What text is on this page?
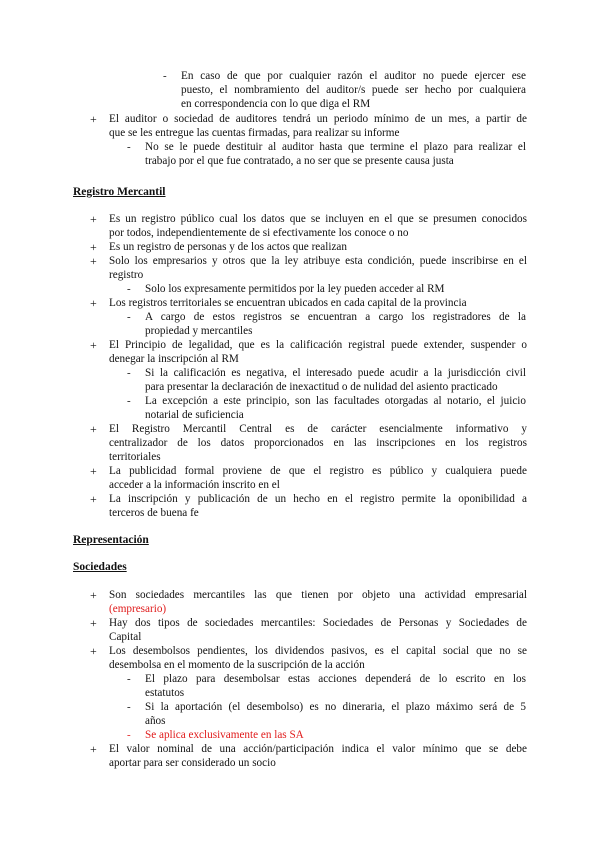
- En caso de que por cualquier razón el auditor no puede ejercer ese
puesto, el nombramiento del auditor/s puede ser hecho por cualquiera
en correspondencia con lo que diga el RM
+ El auditor o sociedad de auditores tendrá un periodo mínimo de un mes, a partir de
que se les entregue las cuentas firmadas, para realizar su informe
- No se le puede destituir al auditor hasta que termine el plazo para realizar el
trabajo por el que fue contratado, a no ser que se presente causa justa
Registro Mercantil
+ Es un registro público cual los datos que se incluyen en el que se presumen conocidos
por todos, independientemente de si efectivamente los conoce o no
+ Es un registro de personas y de los actos que realizan
+ Solo los empresarios y otros que la ley atribuye esta condición, puede inscribirse en el
registro
- Solo los expresamente permitidos por la ley pueden acceder al RM
+ Los registros territoriales se encuentran ubicados en cada capital de la provincia
- A cargo de estos registros se encuentran a cargo los registradores de la
propiedad y mercantiles
+ El Principio de legalidad, que es la calificación registral puede extender, suspender o
denegar la inscripción al RM
- Si la calificación es negativa, el interesado puede acudir a la jurisdicción civil
para presentar la declaración de inexactitud o de nulidad del asiento practicado
- La excepción a este principio, son las facultades otorgadas al notario, el juicio
notarial de suficiencia
+ El Registro Mercantil Central es de carácter esencialmente informativo y
centralizador de los datos proporcionados en las inscripciones en los registros
territoriales
+ La publicidad formal proviene de que el registro es público y cualquiera puede
acceder a la información inscrito en el
+ La inscripción y publicación de un hecho en el registro permite la oponibilidad a
terceros de buena fe
Representación
Sociedades
+ Son sociedades mercantiles las que tienen por objeto una actividad empresarial
(empresario)
+ Hay dos tipos de sociedades mercantiles: Sociedades de Personas y Sociedades de
Capital
+ Los desembolsos pendientes, los dividendos pasivos, es el capital social que no se
desembolsa en el momento de la suscripción de la acción
- El plazo para desembolsar estas acciones dependerá de lo escrito en los
estatutos
- Si la aportación (el desembolso) es no dineraria, el plazo máximo será de 5
años
- Se aplica exclusivamente en las SA
+ El valor nominal de una acción/participación indica el valor mínimo que se debe
aportar para ser considerado un socio
